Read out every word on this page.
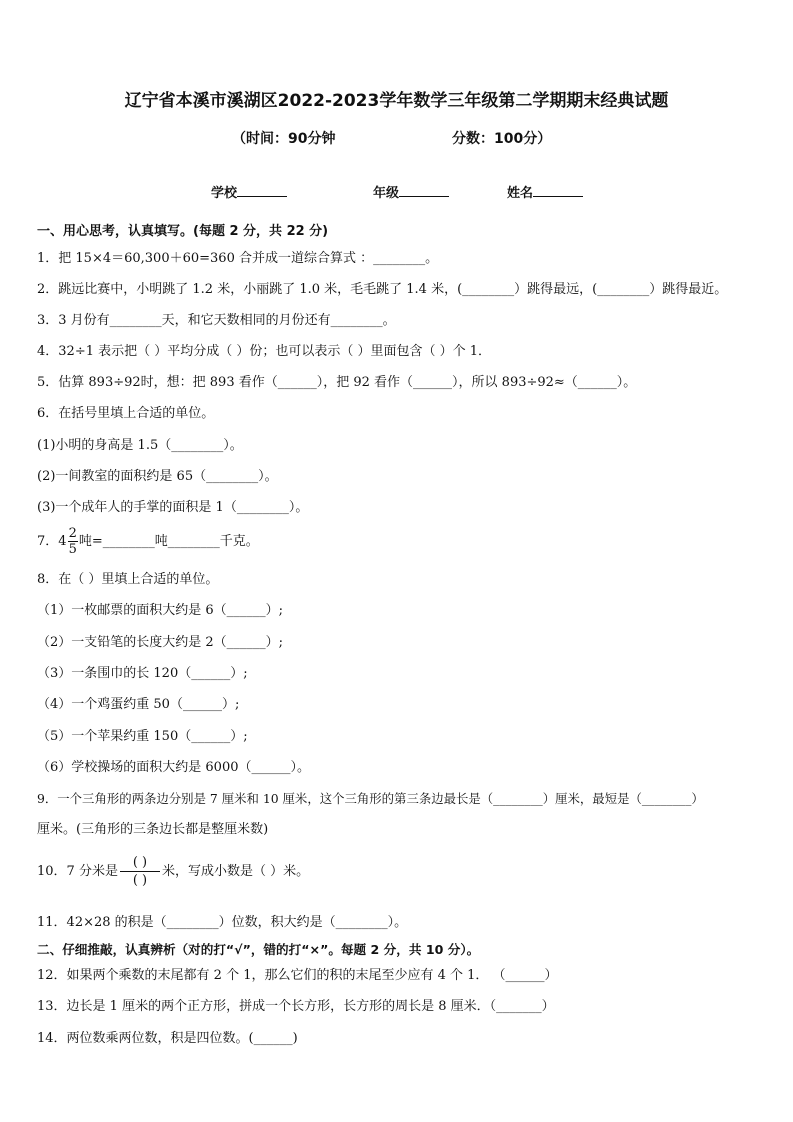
辽宁省本溪市溪湖区2022-2023学年数学三年级第二学期期末经典试题
（时间：90分钟	分数：100分）
学校	年级	姓名
一、用心思考，认真填写。(每题 2 分，共 22 分)
1．把 15×4＝60,300＋60=360 合并成一道综合算式 ：________。
2．跳远比赛中，小明跳了 1.2 米，小丽跳了 1.0 米，毛毛跳了 1.4 米，(________）跳得最远，(________）跳得最近。
3．3 月份有________天，和它天数相同的月份还有________。
4．32÷1 表示把（ ）平均分成（ ）份；也可以表示（ ）里面包含（ ）个 1．
5．估算 893÷92时，想：把 893 看作（______），把 92 看作（______），所以 893÷92≈（______）。
6．在括号里填上合适的单位。
(1)小明的身高是 1.5（________）。
(2)一间教室的面积约是 65（________）。
(3)一个成年人的手掌的面积是 1（________）。
7．$4 \frac{2}{5}$ 吨=________吨________千克。
8．在（ ）里填上合适的单位。
（1）一枚邮票的面积大约是 6（______）;
（2）一支铅笔的长度大约是 2（______）;
（3）一条围巾的长 120（______）;
（4）一个鸡蛋约重 50（______）;
（5）一个苹果约重 150（______）;
（6）学校操场的面积大约是 6000（______）。
9．一个三角形的两条边分别是 7 厘米和 10 厘米，这个三角形的第三条边最长是（________）厘米，最短是（________）
厘米。(三角形的三条边长都是整厘米数)
10．7 分米是
( )
( )
米，写成小数是（ ）米。
11．42×28 的积是（________）位数，积大约是（________）。
二、仔细推敲，认真辨析（对的打“√”，错的打“×”。每题 2 分，共 10 分）。
12．如果两个乘数的末尾都有 2 个 1，那么它们的积的末尾至少应有 4 个 1． （______）
13．边长是 1 厘米的两个正方形，拼成一个长方形，长方形的周长是 8 厘米．（_______）
14．两位数乘两位数，积是四位数。(______)
